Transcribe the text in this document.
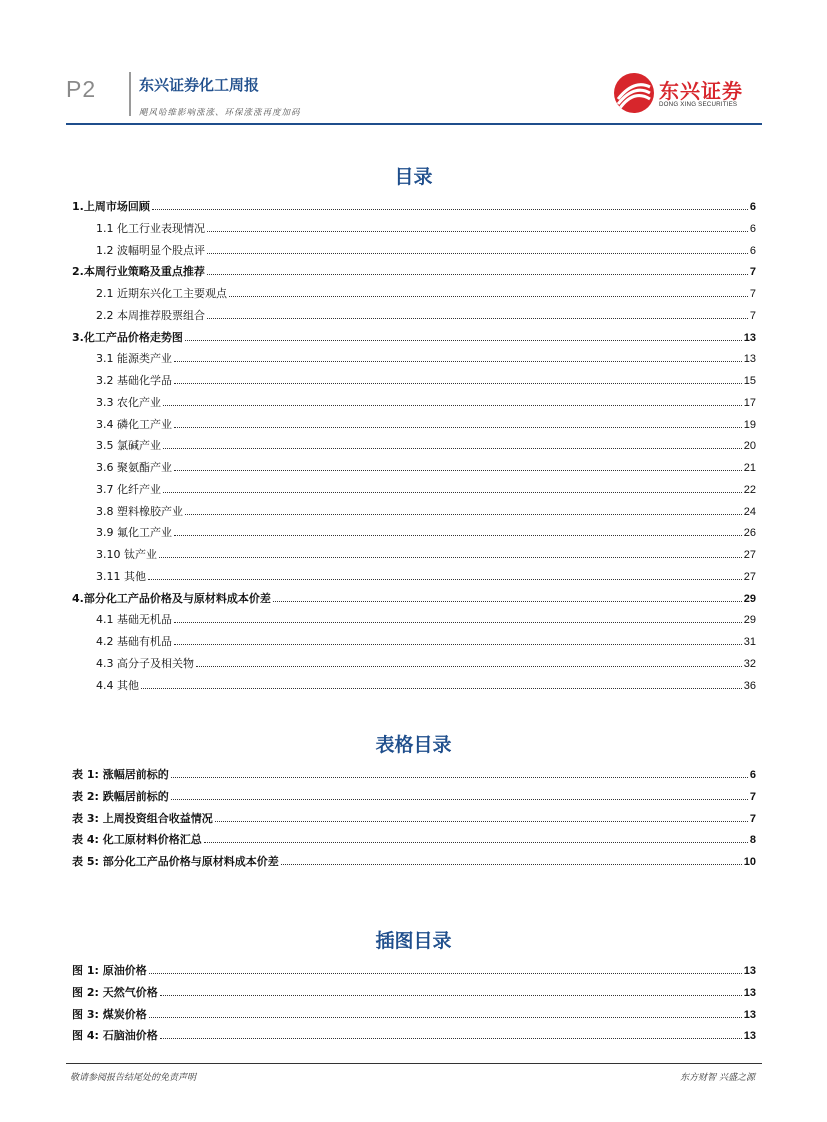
P2	东兴证券化工周报
飓风哈维影响涨涨、环保涨涨再度加码
东兴证券
DONG XING SECURITIES
目录
1.上周市场回顾	6
1.1 化工行业表现情况	6
1.2 波幅明显个股点评	6
2.本周行业策略及重点推荐	7
2.1 近期东兴化工主要观点	7
2.2 本周推荐股票组合	7
3.化工产品价格走势图	13
3.1 能源类产业	13
3.2 基础化学品	15
3.3 农化产业	17
3.4 磷化工产业	19
3.5 氯碱产业	20
3.6 聚氨酯产业	21
3.7 化纤产业	22
3.8 塑料橡胶产业	24
3.9 氟化工产业	26
3.10 钛产业	27
3.11 其他	27
4.部分化工产品价格及与原材料成本价差	29
4.1 基础无机品	29
4.2 基础有机品	31
4.3 高分子及相关物	32
4.4 其他	36
表格目录
表 1: 涨幅居前标的	6
表 2: 跌幅居前标的	7
表 3: 上周投资组合收益情况	7
表 4: 化工原材料价格汇总	8
表 5: 部分化工产品价格与原材料成本价差	10
插图目录
图 1: 原油价格	13
图 2: 天然气价格	13
图 3: 煤炭价格	13
图 4: 石脑油价格	13
敬请参阅报告结尾处的免责声明	东方财智 兴盛之源
